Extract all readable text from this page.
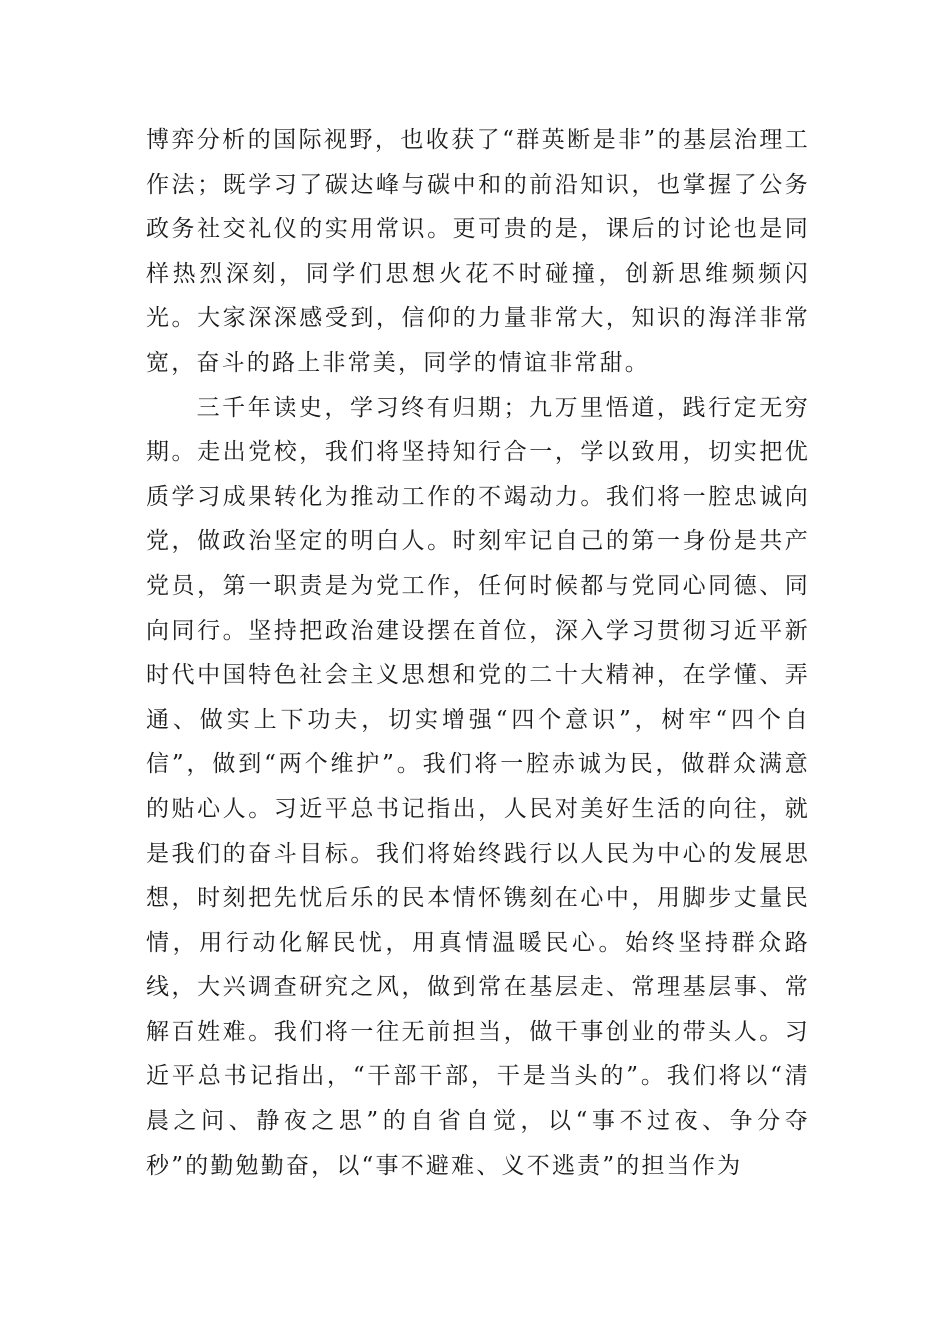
博弈分析的国际视野，也收获了“群英断是非”的基层治理工作法；既学习了碳达峰与碳中和的前沿知识，也掌握了公务政务社交礼仪的实用常识。更可贵的是，课后的讨论也是同样热烈深刻，同学们思想火花不时碰撞，创新思维频频闪光。大家深深感受到，信仰的力量非常大，知识的海洋非常宽，奋斗的路上非常美，同学的情谊非常甜。

三千年读史，学习终有归期；九万里悟道，践行定无穷期。走出党校，我们将坚持知行合一，学以致用，切实把优质学习成果转化为推动工作的不竭动力。我们将一腔忠诚向党，做政治坚定的明白人。时刻牢记自己的第一身份是共产党员，第一职责是为党工作，任何时候都与党同心同德、同向同行。坚持把政治建设摆在首位，深入学习贯彻习近平新时代中国特色社会主义思想和党的二十大精神，在学懂、弄通、做实上下功夫，切实增强“四个意识”，树牢“四个自信”，做到“两个维护”。我们将一腔赤诚为民，做群众满意的贴心人。习近平总书记指出，人民对美好生活的向往，就是我们的奋斗目标。我们将始终践行以人民为中心的发展思想，时刻把先忧后乐的民本情怀镌刻在心中，用脚步丈量民情，用行动化解民忧，用真情温暖民心。始终坚持群众路线，大兴调查研究之风，做到常在基层走、常理基层事、常解百姓难。我们将一往无前担当，做干事创业的带头人。习近平总书记指出，“干部干部，干是当头的”。我们将以“清晨之问、静夜之思”的自省自觉，以“事不过夜、争分夺秒”的勤勉勤奋，以“事不避难、义不逃责”的担当作为
